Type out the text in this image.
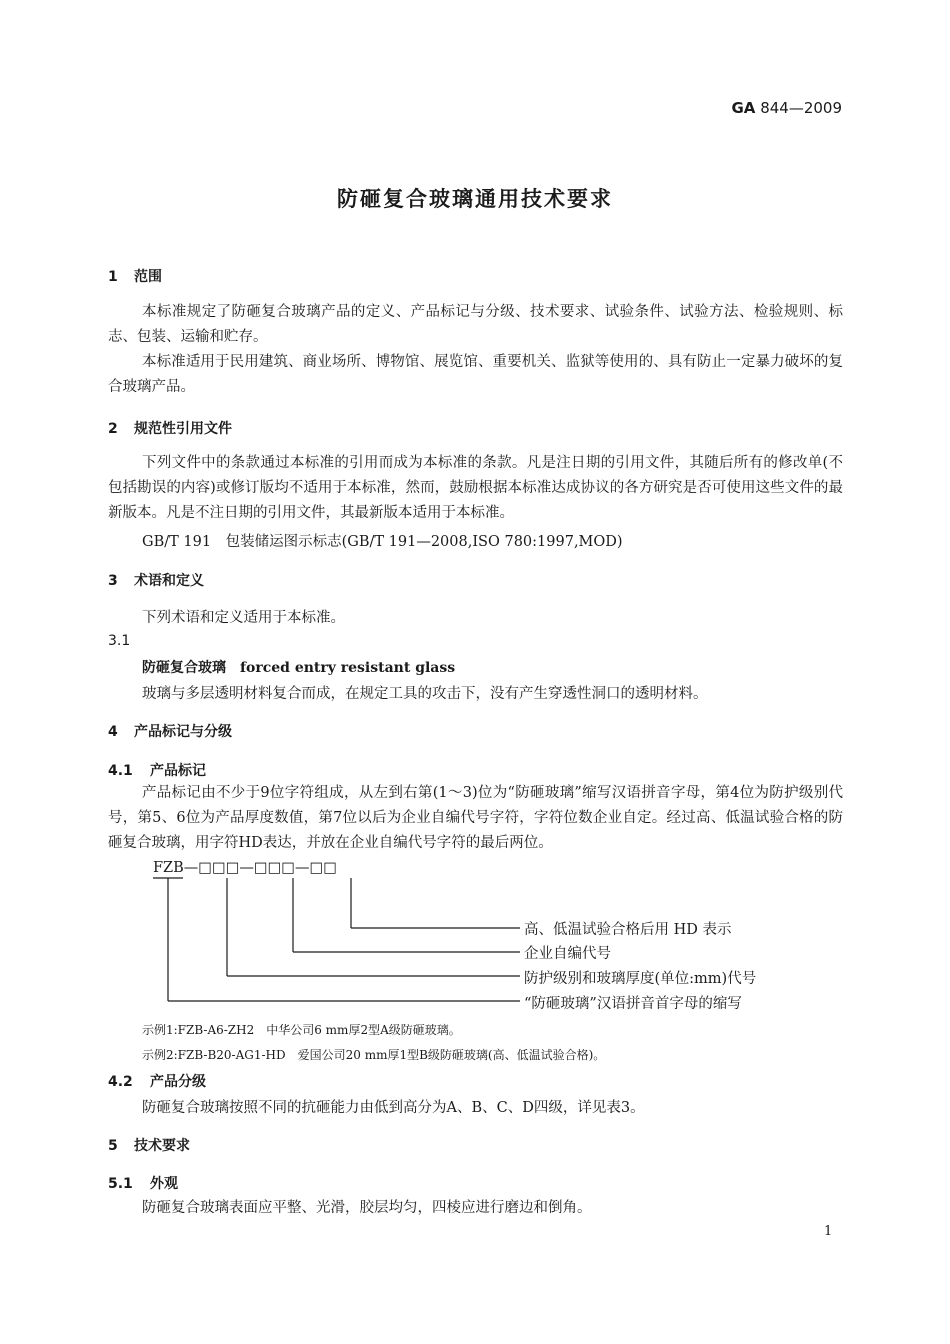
GA 844—2009
防砸复合玻璃通用技术要求
1 范围
本标准规定了防砸复合玻璃产品的定义、产品标记与分级、技术要求、试验条件、试验方法、检验规则、标志、包装、运输和贮存。
本标准适用于民用建筑、商业场所、博物馆、展览馆、重要机关、监狱等使用的、具有防止一定暴力破坏的复合玻璃产品。
2 规范性引用文件
下列文件中的条款通过本标准的引用而成为本标准的条款。凡是注日期的引用文件，其随后所有的修改单(不包括勘误的内容)或修订版均不适用于本标准，然而，鼓励根据本标准达成协议的各方研究是否可使用这些文件的最新版本。凡是不注日期的引用文件，其最新版本适用于本标准。
GB/T 191　包装储运图示标志(GB/T 191—2008,ISO 780:1997,MOD)
3 术语和定义
下列术语和定义适用于本标准。
3.1
防砸复合玻璃 forced entry resistant glass
玻璃与多层透明材料复合而成，在规定工具的攻击下，没有产生穿透性洞口的透明材料。
4 产品标记与分级
4.1 产品标记
产品标记由不少于9位字符组成，从左到右第(1～3)位为“防砸玻璃”缩写汉语拼音字母，第4位为防护级别代号，第5、6位为产品厚度数值，第7位以后为企业自编代号字符，字符位数企业自定。经过高、低温试验合格的防砸复合玻璃，用字符HD表达，并放在企业自编代号字符的最后两位。
FZB—□□□—□□□—□□
高、低温试验合格后用 HD 表示
企业自编代号
防护级别和玻璃厚度(单位:mm)代号
“防砸玻璃”汉语拼音首字母的缩写
示例1:FZB-A6-ZH2　中华公司6 mm厚2型A级防砸玻璃。
示例2:FZB-B20-AG1-HD　爱国公司20 mm厚1型B级防砸玻璃(高、低温试验合格)。
4.2 产品分级
防砸复合玻璃按照不同的抗砸能力由低到高分为A、B、C、D四级，详见表3。
5 技术要求
5.1 外观
防砸复合玻璃表面应平整、光滑，胶层均匀，四棱应进行磨边和倒角。
1
